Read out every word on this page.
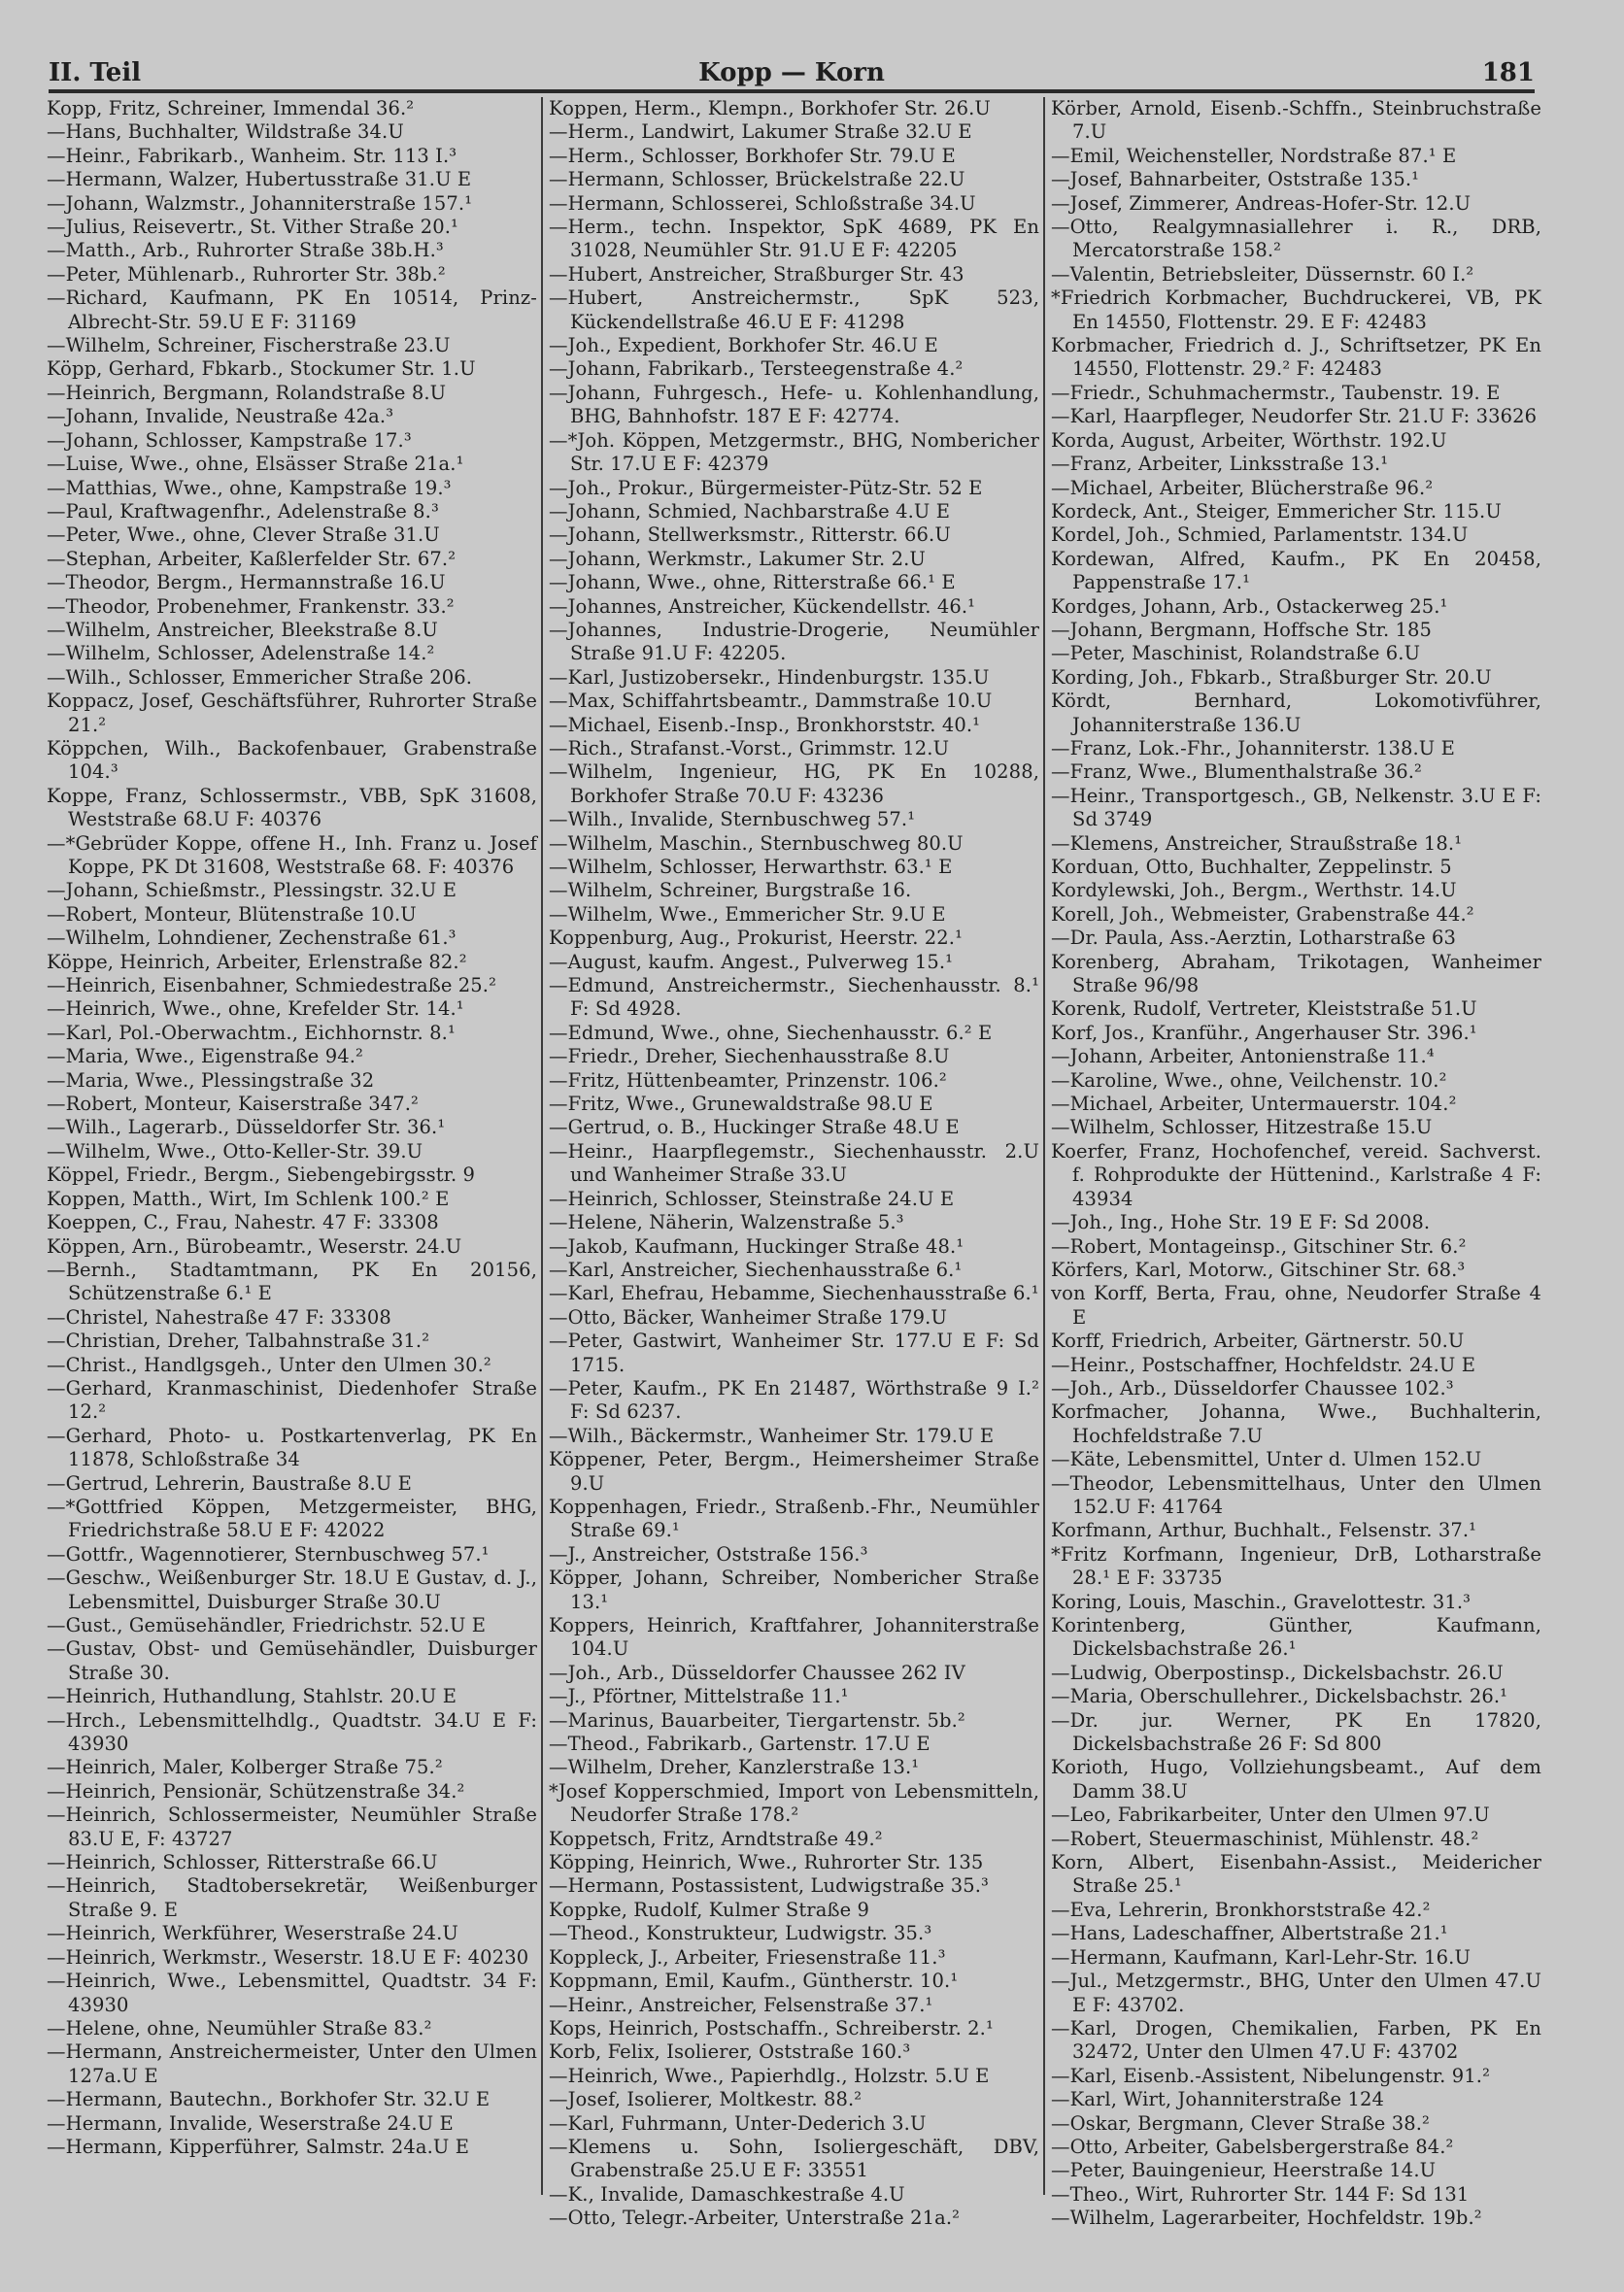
II. Teil	Kopp — Korn	181

Kopp, Fritz, Schreiner, Immendal 36.²

—Hans, Buchhalter, Wildstraße 34.U

—Heinr., Fabrikarb., Wanheim. Str. 113 I.³

—Hermann, Walzer, Hubertusstraße 31.U E

—Johann, Walzmstr., Johanniterstraße 157.¹

—Julius, Reisevertr., St. Vither Straße 20.¹

—Matth., Arb., Ruhrorter Straße 38b.H.³

—Peter, Mühlenarb., Ruhrorter Str. 38b.²

—Richard, Kaufmann, PK En 10514, Prinz-Albrecht-Str. 59.U E F: 31169

—Wilhelm, Schreiner, Fischerstraße 23.U

Köpp, Gerhard, Fbkarb., Stockumer Str. 1.U

—Heinrich, Bergmann, Rolandstraße 8.U

—Johann, Invalide, Neustraße 42a.³

—Johann, Schlosser, Kampstraße 17.³

—Luise, Wwe., ohne, Elsässer Straße 21a.¹

—Matthias, Wwe., ohne, Kampstraße 19.³

—Paul, Kraftwagenfhr., Adelenstraße 8.³

—Peter, Wwe., ohne, Clever Straße 31.U

—Stephan, Arbeiter, Kaßlerfelder Str. 67.²

—Theodor, Bergm., Hermannstraße 16.U

—Theodor, Probenehmer, Frankenstr. 33.²

—Wilhelm, Anstreicher, Bleekstraße 8.U

—Wilhelm, Schlosser, Adelenstraße 14.²

—Wilh., Schlosser, Emmericher Straße 206.

Koppacz, Josef, Geschäftsführer, Ruhrorter Straße 21.²

Köppchen, Wilh., Backofenbauer, Grabenstraße 104.³

Koppe, Franz, Schlossermstr., VBB, SpK 31608, Weststraße 68.U F: 40376

—*Gebrüder Koppe, offene H., Inh. Franz u. Josef Koppe, PK Dt 31608, Weststraße 68. F: 40376

—Johann, Schießmstr., Plessingstr. 32.U E

—Robert, Monteur, Blütenstraße 10.U

—Wilhelm, Lohndiener, Zechenstraße 61.³

Köppe, Heinrich, Arbeiter, Erlenstraße 82.²

—Heinrich, Eisenbahner, Schmiedestraße 25.²

—Heinrich, Wwe., ohne, Krefelder Str. 14.¹

—Karl, Pol.-Oberwachtm., Eichhornstr. 8.¹

—Maria, Wwe., Eigenstraße 94.²

—Maria, Wwe., Plessingstraße 32

—Robert, Monteur, Kaiserstraße 347.²

—Wilh., Lagerarb., Düsseldorfer Str. 36.¹

—Wilhelm, Wwe., Otto-Keller-Str. 39.U

Köppel, Friedr., Bergm., Siebengebirgsstr. 9

Koppen, Matth., Wirt, Im Schlenk 100.² E

Koeppen, C., Frau, Nahestr. 47 F: 33308

Köppen, Arn., Bürobeamtr., Weserstr. 24.U

—Bernh., Stadtamtmann, PK En 20156, Schützenstraße 6.¹ E

—Christel, Nahestraße 47 F: 33308

—Christian, Dreher, Talbahnstraße 31.²

—Christ., Handlgsgeh., Unter den Ulmen 30.²

—Gerhard, Kranmaschinist, Diedenhofer Straße 12.²

—Gerhard, Photo- u. Postkartenverlag, PK En 11878, Schloßstraße 34

—Gertrud, Lehrerin, Baustraße 8.U E

—*Gottfried Köppen, Metzgermeister, BHG, Friedrichstraße 58.U E F: 42022

—Gottfr., Wagennotierer, Sternbuschweg 57.¹

—Geschw., Weißenburger Str. 18.U E Gustav, d. J., Lebensmittel, Duisburger Straße 30.U

—Gust., Gemüsehändler, Friedrichstr. 52.U E

—Gustav, Obst- und Gemüsehändler, Duisburger Straße 30.

—Heinrich, Huthandlung, Stahlstr. 20.U E

—Hrch., Lebensmittelhdlg., Quadtstr. 34.U E F: 43930

—Heinrich, Maler, Kolberger Straße 75.²

—Heinrich, Pensionär, Schützenstraße 34.²

—Heinrich, Schlossermeister, Neumühler Straße 83.U E, F: 43727

—Heinrich, Schlosser, Ritterstraße 66.U

—Heinrich, Stadtobersekretär, Weißenburger Straße 9. E

—Heinrich, Werkführer, Weserstraße 24.U

—Heinrich, Werkmstr., Weserstr. 18.U E F: 40230

—Heinrich, Wwe., Lebensmittel, Quadtstr. 34 F: 43930

—Helene, ohne, Neumühler Straße 83.²

—Hermann, Anstreichermeister, Unter den Ulmen 127a.U E

—Hermann, Bautechn., Borkhofer Str. 32.U E

—Hermann, Invalide, Weserstraße 24.U E

—Hermann, Kipperführer, Salmstr. 24a.U E

Koppen, Herm., Klempn., Borkhofer Str. 26.U

—Herm., Landwirt, Lakumer Straße 32.U E

—Herm., Schlosser, Borkhofer Str. 79.U E

—Hermann, Schlosser, Brückelstraße 22.U

—Hermann, Schlosserei, Schloßstraße 34.U

—Herm., techn. Inspektor, SpK 4689, PK En 31028, Neumühler Str. 91.U E F: 42205

—Hubert, Anstreicher, Straßburger Str. 43

—Hubert, Anstreichermstr., SpK 523, Kückendellstraße 46.U E F: 41298

—Joh., Expedient, Borkhofer Str. 46.U E

—Johann, Fabrikarb., Tersteegenstraße 4.²

—Johann, Fuhrgesch., Hefe- u. Kohlenhandlung, BHG, Bahnhofstr. 187 E F: 42774.

—*Joh. Köppen, Metzgermstr., BHG, Nombericher Str. 17.U E F: 42379

—Joh., Prokur., Bürgermeister-Pütz-Str. 52 E

—Johann, Schmied, Nachbarstraße 4.U E

—Johann, Stellwerksmstr., Ritterstr. 66.U

—Johann, Werkmstr., Lakumer Str. 2.U

—Johann, Wwe., ohne, Ritterstraße 66.¹ E

—Johannes, Anstreicher, Kückendellstr. 46.¹

—Johannes, Industrie-Drogerie, Neumühler Straße 91.U F: 42205.

—Karl, Justizobersekr., Hindenburgstr. 135.U

—Max, Schiffahrtsbeamtr., Dammstraße 10.U

—Michael, Eisenb.-Insp., Bronkhorststr. 40.¹

—Rich., Strafanst.-Vorst., Grimmstr. 12.U

—Wilhelm, Ingenieur, HG, PK En 10288, Borkhofer Straße 70.U F: 43236

—Wilh., Invalide, Sternbuschweg 57.¹

—Wilhelm, Maschin., Sternbuschweg 80.U

—Wilhelm, Schlosser, Herwarthstr. 63.¹ E

—Wilhelm, Schreiner, Burgstraße 16.

—Wilhelm, Wwe., Emmericher Str. 9.U E

Koppenburg, Aug., Prokurist, Heerstr. 22.¹

—August, kaufm. Angest., Pulverweg 15.¹

—Edmund, Anstreichermstr., Siechenhausstr. 8.¹ F: Sd 4928.

—Edmund, Wwe., ohne, Siechenhausstr. 6.² E

—Friedr., Dreher, Siechenhausstraße 8.U

—Fritz, Hüttenbeamter, Prinzenstr. 106.²

—Fritz, Wwe., Grunewaldstraße 98.U E

—Gertrud, o. B., Huckinger Straße 48.U E

—Heinr., Haarpflegemstr., Siechenhausstr. 2.U und Wanheimer Straße 33.U

—Heinrich, Schlosser, Steinstraße 24.U E

—Helene, Näherin, Walzenstraße 5.³

—Jakob, Kaufmann, Huckinger Straße 48.¹

—Karl, Anstreicher, Siechenhausstraße 6.¹

—Karl, Ehefrau, Hebamme, Siechenhausstraße 6.¹

—Otto, Bäcker, Wanheimer Straße 179.U

—Peter, Gastwirt, Wanheimer Str. 177.U E F: Sd 1715.

—Peter, Kaufm., PK En 21487, Wörthstraße 9 I.² F: Sd 6237.

—Wilh., Bäckermstr., Wanheimer Str. 179.U E

Köppener, Peter, Bergm., Heimersheimer Straße 9.U

Koppenhagen, Friedr., Straßenb.-Fhr., Neumühler Straße 69.¹

—J., Anstreicher, Oststraße 156.³

Köpper, Johann, Schreiber, Nombericher Straße 13.¹

Koppers, Heinrich, Kraftfahrer, Johanniterstraße 104.U

—Joh., Arb., Düsseldorfer Chaussee 262 IV

—J., Pförtner, Mittelstraße 11.¹

—Marinus, Bauarbeiter, Tiergartenstr. 5b.²

—Theod., Fabrikarb., Gartenstr. 17.U E

—Wilhelm, Dreher, Kanzlerstraße 13.¹

*Josef Kopperschmied, Import von Lebensmitteln, Neudorfer Straße 178.²

Koppetsch, Fritz, Arndtstraße 49.²

Köpping, Heinrich, Wwe., Ruhrorter Str. 135

—Hermann, Postassistent, Ludwigstraße 35.³

Koppke, Rudolf, Kulmer Straße 9

—Theod., Konstrukteur, Ludwigstr. 35.³

Koppleck, J., Arbeiter, Friesenstraße 11.³

Koppmann, Emil, Kaufm., Güntherstr. 10.¹

—Heinr., Anstreicher, Felsenstraße 37.¹

Kops, Heinrich, Postschaffn., Schreiberstr. 2.¹

Korb, Felix, Isolierer, Oststraße 160.³

—Heinrich, Wwe., Papierhdlg., Holzstr. 5.U E

—Josef, Isolierer, Moltkestr. 88.²

—Karl, Fuhrmann, Unter-Dederich 3.U

—Klemens u. Sohn, Isoliergeschäft, DBV, Grabenstraße 25.U E F: 33551

—K., Invalide, Damaschkestraße 4.U

—Otto, Telegr.-Arbeiter, Unterstraße 21a.²

Körber, Arnold, Eisenb.-Schffn., Steinbruchstraße 7.U

—Emil, Weichensteller, Nordstraße 87.¹ E

—Josef, Bahnarbeiter, Oststraße 135.¹

—Josef, Zimmerer, Andreas-Hofer-Str. 12.U

—Otto, Realgymnasiallehrer i. R., DRB, Mercatorstraße 158.²

—Valentin, Betriebsleiter, Düssernstr. 60 I.²

*Friedrich Korbmacher, Buchdruckerei, VB, PK En 14550, Flottenstr. 29. E F: 42483

Korbmacher, Friedrich d. J., Schriftsetzer, PK En 14550, Flottenstr. 29.² F: 42483

—Friedr., Schuhmachermstr., Taubenstr. 19. E

—Karl, Haarpfleger, Neudorfer Str. 21.U F: 33626

Korda, August, Arbeiter, Wörthstr. 192.U

—Franz, Arbeiter, Linksstraße 13.¹

—Michael, Arbeiter, Blücherstraße 96.²

Kordeck, Ant., Steiger, Emmericher Str. 115.U

Kordel, Joh., Schmied, Parlamentstr. 134.U

Kordewan, Alfred, Kaufm., PK En 20458, Pappenstraße 17.¹

Kordges, Johann, Arb., Ostackerweg 25.¹

—Johann, Bergmann, Hoffsche Str. 185

—Peter, Maschinist, Rolandstraße 6.U

Kording, Joh., Fbkarb., Straßburger Str. 20.U

Kördt, Bernhard, Lokomotivführer, Johanniterstraße 136.U

—Franz, Lok.-Fhr., Johanniterstr. 138.U E

—Franz, Wwe., Blumenthalstraße 36.²

—Heinr., Transportgesch., GB, Nelkenstr. 3.U E F: Sd 3749

—Klemens, Anstreicher, Straußstraße 18.¹

Korduan, Otto, Buchhalter, Zeppelinstr. 5

Kordylewski, Joh., Bergm., Werthstr. 14.U

Korell, Joh., Webmeister, Grabenstraße 44.²

—Dr. Paula, Ass.-Aerztin, Lotharstraße 63

Korenberg, Abraham, Trikotagen, Wanheimer Straße 96/98

Korenk, Rudolf, Vertreter, Kleiststraße 51.U

Korf, Jos., Kranführ., Angerhauser Str. 396.¹

—Johann, Arbeiter, Antonienstraße 11.⁴

—Karoline, Wwe., ohne, Veilchenstr. 10.²

—Michael, Arbeiter, Untermauerstr. 104.²

—Wilhelm, Schlosser, Hitzestraße 15.U

Koerfer, Franz, Hochofenchef, vereid. Sachverst. f. Rohprodukte der Hüttenind., Karlstraße 4 F: 43934

—Joh., Ing., Hohe Str. 19 E F: Sd 2008.

—Robert, Montageinsp., Gitschiner Str. 6.²

Körfers, Karl, Motorw., Gitschiner Str. 68.³

von Korff, Berta, Frau, ohne, Neudorfer Straße 4 E

Korff, Friedrich, Arbeiter, Gärtnerstr. 50.U

—Heinr., Postschaffner, Hochfeldstr. 24.U E

—Joh., Arb., Düsseldorfer Chaussee 102.³

Korfmacher, Johanna, Wwe., Buchhalterin, Hochfeldstraße 7.U

—Käte, Lebensmittel, Unter d. Ulmen 152.U

—Theodor, Lebensmittelhaus, Unter den Ulmen 152.U F: 41764

Korfmann, Arthur, Buchhalt., Felsenstr. 37.¹

*Fritz Korfmann, Ingenieur, DrB, Lotharstraße 28.¹ E F: 33735

Koring, Louis, Maschin., Gravelottestr. 31.³

Korintenberg, Günther, Kaufmann, Dickelsbachstraße 26.¹

—Ludwig, Oberpostinsp., Dickelsbachstr. 26.U

—Maria, Oberschullehrer., Dickelsbachstr. 26.¹

—Dr. jur. Werner, PK En 17820, Dickelsbachstraße 26 F: Sd 800

Korioth, Hugo, Vollziehungsbeamt., Auf dem Damm 38.U

—Leo, Fabrikarbeiter, Unter den Ulmen 97.U

—Robert, Steuermaschinist, Mühlenstr. 48.²

Korn, Albert, Eisenbahn-Assist., Meidericher Straße 25.¹

—Eva, Lehrerin, Bronkhorststraße 42.²

—Hans, Ladeschaffner, Albertstraße 21.¹

—Hermann, Kaufmann, Karl-Lehr-Str. 16.U

—Jul., Metzgermstr., BHG, Unter den Ulmen 47.U E F: 43702.

—Karl, Drogen, Chemikalien, Farben, PK En 32472, Unter den Ulmen 47.U F: 43702

—Karl, Eisenb.-Assistent, Nibelungenstr. 91.²

—Karl, Wirt, Johanniterstraße 124

—Oskar, Bergmann, Clever Straße 38.²

—Otto, Arbeiter, Gabelsbergerstraße 84.²

—Peter, Bauingenieur, Heerstraße 14.U

—Theo., Wirt, Ruhrorter Str. 144 F: Sd 131

—Wilhelm, Lagerarbeiter, Hochfeldstr. 19b.²
